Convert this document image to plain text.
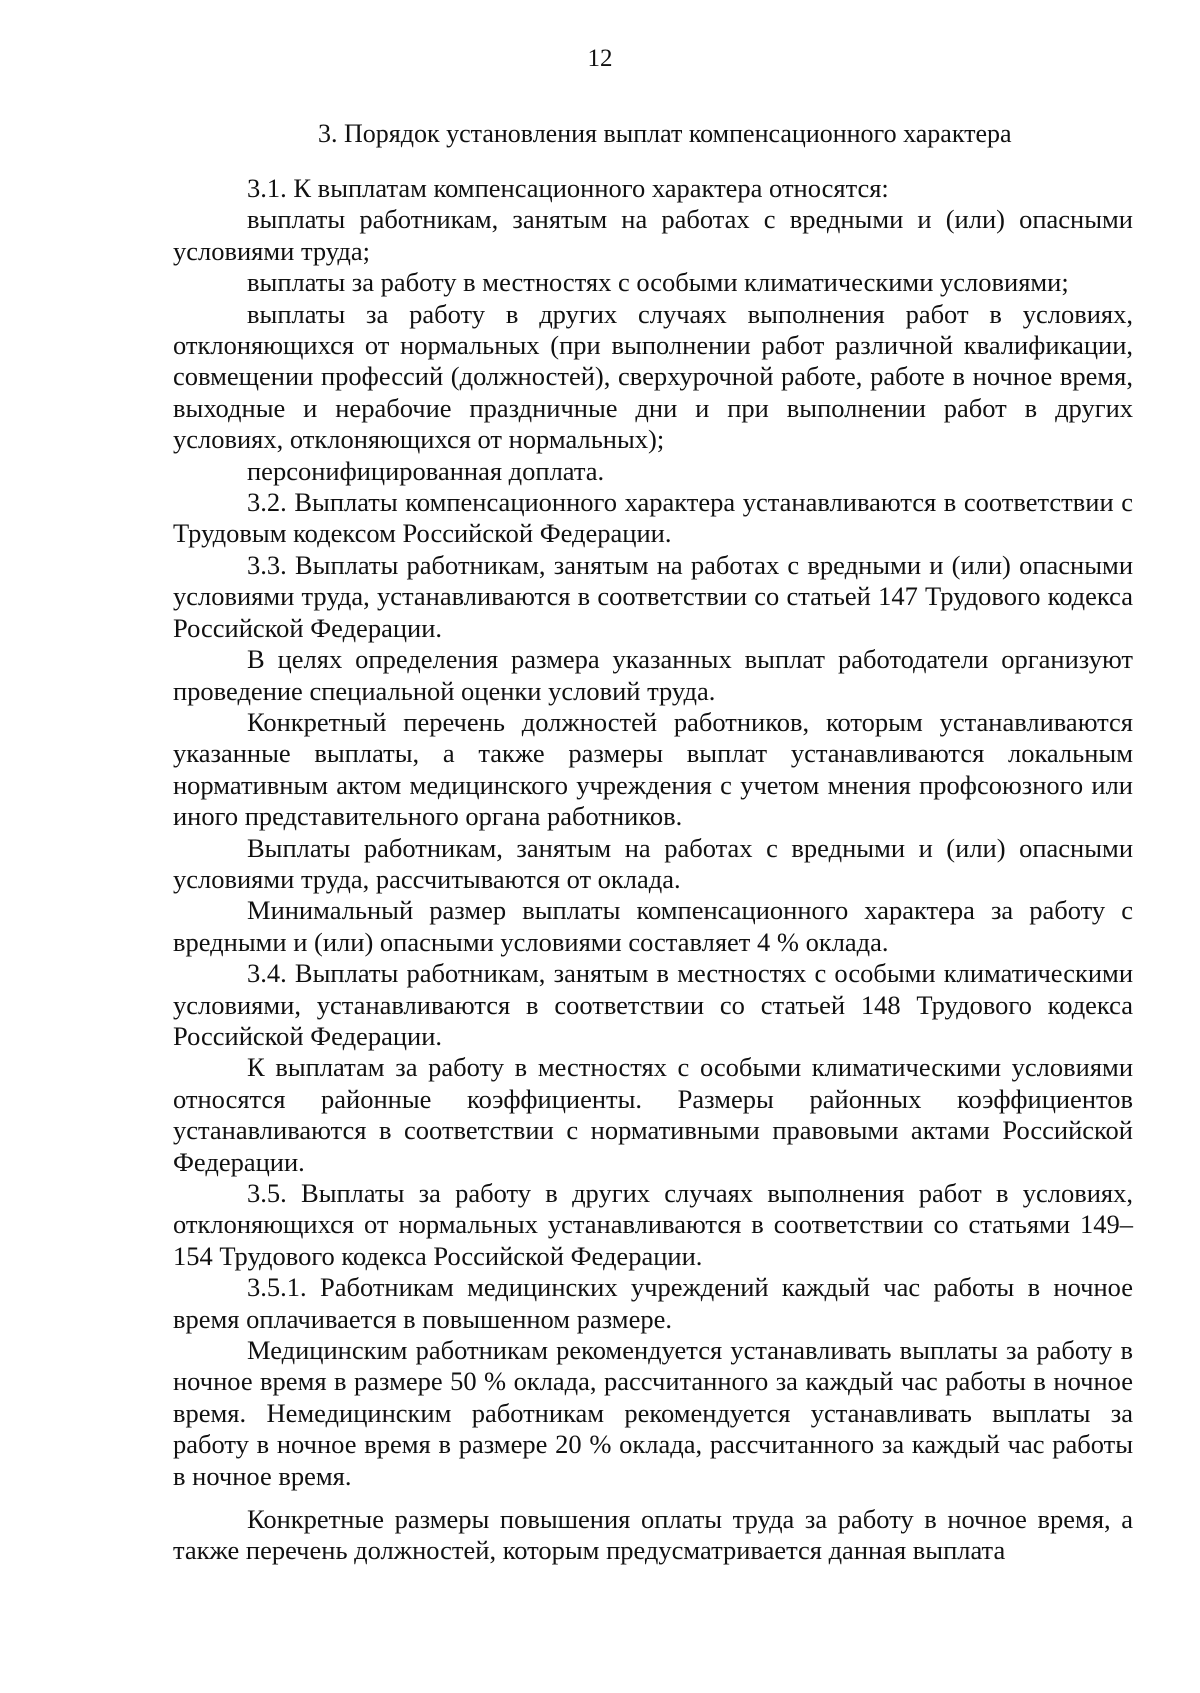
12
3. Порядок установления выплат компенсационного характера

3.1. К выплатам компенсационного характера относятся:

выплаты работникам, занятым на работах с вредными и (или) опасными условиями труда;

выплаты за работу в местностях с особыми климатическими условиями;

выплаты за работу в других случаях выполнения работ в условиях, отклоняющихся от нормальных (при выполнении работ различной квалификации, совмещении профессий (должностей), сверхурочной работе, работе в ночное время, выходные и нерабочие праздничные дни и при выполнении работ в других условиях, отклоняющихся от нормальных);

персонифицированная доплата.

3.2. Выплаты компенсационного характера устанавливаются в соответствии с Трудовым кодексом Российской Федерации.

3.3. Выплаты работникам, занятым на работах с вредными и (или) опасными условиями труда, устанавливаются в соответствии со статьей 147 Трудового кодекса Российской Федерации.

В целях определения размера указанных выплат работодатели организуют проведение специальной оценки условий труда.

Конкретный перечень должностей работников, которым устанавливаются указанные выплаты, а также размеры выплат устанавливаются локальным нормативным актом медицинского учреждения с учетом мнения профсоюзного или иного представительного органа работников.

Выплаты работникам, занятым на работах с вредными и (или) опасными условиями труда, рассчитываются от оклада.

Минимальный размер выплаты компенсационного характера за работу с вредными и (или) опасными условиями составляет 4 % оклада.

3.4. Выплаты работникам, занятым в местностях с особыми климатическими условиями, устанавливаются в соответствии со статьей 148 Трудового кодекса Российской Федерации.

К выплатам за работу в местностях с особыми климатическими условиями относятся районные коэффициенты. Размеры районных коэффициентов устанавливаются в соответствии с нормативными правовыми актами Российской Федерации.

3.5. Выплаты за работу в других случаях выполнения работ в условиях, отклоняющихся от нормальных устанавливаются в соответствии со статьями 149–154 Трудового кодекса Российской Федерации.

3.5.1. Работникам медицинских учреждений каждый час работы в ночное время оплачивается в повышенном размере.

Медицинским работникам рекомендуется устанавливать выплаты за работу в ночное время в размере 50 % оклада, рассчитанного за каждый час работы в ночное время. Немедицинским работникам рекомендуется устанавливать выплаты за работу в ночное время в размере 20 % оклада, рассчитанного за каждый час работы в ночное время.

Конкретные размеры повышения оплаты труда за работу в ночное время, а также перечень должностей, которым предусматривается данная выплата
